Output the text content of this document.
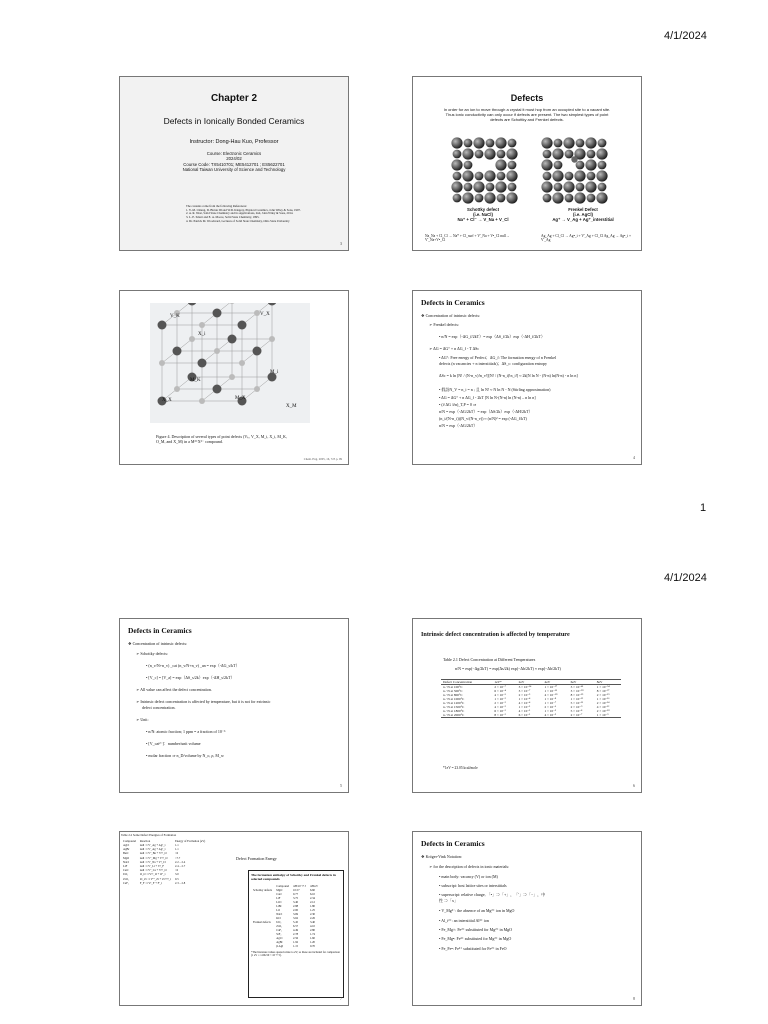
4/1/2024
Chapter 2
Defects in Ionically Bonded Ceramics
Instructor: Dong-Hau Kuo, Professor
Course: Electronic Ceramics
2024/02
Course Code: TX5410701; ME5412701 ; ES5622701
National Taiwan University of Science and Technology
The contents come from the following References:
1. Y.-M. Chiang, D. Birnie III and W.D. Kingery, Physical Ceramics, John Wiley & Sons, 1997.
2. A. R. West, Solid State Chemistry and its Applications, 2nd, John Wiley & Sons, 2014.
3. L. E. Smart and E. A. Moore, Solid State Chemistry, 1995.
4. Dr. Patrick M. Woodward, Lectures of Solid State Chemistry, Ohio State University
3
Defects
In order for an ion to move through a crystal it must hop from an occupied site to a vacant site. Thus ionic conductivity can only occur if defects are present. The two simplest types of point defects are Schottky and Frenkel defects.
Schottky defect
(i.e. NaCl)
Na⁺ + Cl⁻ → V_Na + V_Cl
Frenkel Defect
(i.e. AgCl)
Ag⁺ → V_Ag + Ag⁺_interstitial
Na_Na + Cl_Cl → Na* + Cl_surf + V'_Na + V•_Cl null→ V'_Na+V•_Cl
Ag_Ag + Cl_Cl → Ag•_i + V'_Ag + Cl_Cl Ag_Ag → Ag•_i + V'_Ag
V_K	V_X
X_i
M_i
M_K
X_X	M_X
X_M
Figure 4. Description of several types of point defects (Vₖ, V_X, M_i, X_i, M_K, O_M, and X_M) in a M²⁺X²⁻ compound.
Chem. Eng. 2005, 16, 725 p. 99
Defects in Ceramics
❖ Concentration of intrinsic defects:
➢ Frenkel defects:
• n/N = exp（-ΔG_f/2kT）= exp（ΔS_f/2k）exp（-ΔH_f/2kT）
➢ ΔG = ΔG° + n ΔG_f - T ΔSc
• ΔG°: Free energy of Perfect；ΔG_f: The formation energy of n Frenkel
defects (n vacancies + n interstitials)；ΔS_c: configuration entropy
ΔSc = k ln [N! / (N-n_v)!n_v!][N! / (N-n_i)!n_i!] ≈ 2k[N ln N - (N-n) ln(N-n) - n ln n]
• 假設N_V = n_i = n ; 且 ln N! ≈ N ln N - N (Stirling approximation)
• ΔG = ΔG° + n ΔG_f - 2kT [N ln N-(N-n) ln (N-n) – n ln n]
• (∂ ΔG /∂n)_T,P = 0 ⇒
n/N = exp（-ΔG/2kT）= exp（ΔS/2k）exp（-ΔH/2kT）
(n_i/(N-n_i))(N_v/(N-n_v)) ≈ (n/N)² = exp (-ΔG_f/kT)
n/N = exp（-ΔG/2kT）
4
1
4/1/2024
Defects in Ceramics
❖ Concentration of intrinsic defects:
➢ Schottky defects:
• (n_v/N+n_v) _cat (n_v/N+n_v) _an = exp（-ΔG_s/kT）
• [V_c] = [V_a] = exp（ΔS_s/2k）exp（-ΔH_s/2kT）
➢ All value can affect the defect concentration.
➢ Intrinsic defect concentration is affected by temperature, but it is not for extrinsic
defect concentration.
➢ Unit:
• n/N: atomic fraction; 1 ppm = a fraction of 10⁻⁶
• [V_cat²⁻]：number/unit volume
• molar fraction ⇒ n_D/volume by N_o, ρ, M_w
5
Intrinsic defect concentration is affected by temperature
Table 2.1 Defect Concentration at Different Temperatures
n/N = exp(−Δg/2kT) = exp(Δs/2k) exp(−Δh/2kT) ≈ exp(−Δh/2kT)
Defect Concentration	1eV*	2eV	4eV	6eV	8eV
n / N at 100°C	2 × 10⁻⁷	3 × 10⁻¹⁴	1 × 10⁻²⁷	3 × 10⁻⁴¹	1 × 10⁻⁵⁴
n / N at 500°C	6 × 10⁻⁴	3 × 10⁻⁷	1 × 10⁻¹³	3 × 10⁻²⁰	8 × 10⁻²⁷
n / N at 800°C	4 × 10⁻³	2 × 10⁻⁵	4 × 10⁻¹⁰	8 × 10⁻¹⁵	2 × 10⁻¹⁹
n / N at 1000°C	1 × 10⁻²	1 × 10⁻⁴	1 × 10⁻⁸	1 × 10⁻¹²	1 × 10⁻¹⁶
n / N at 1200°C	2 × 10⁻²	4 × 10⁻⁴	1 × 10⁻⁷	5 × 10⁻¹¹	2 × 10⁻¹⁴
n / N at 1500°C	4 × 10⁻²	1 × 10⁻³	2 × 10⁻⁶	2 × 10⁻⁹	4 × 10⁻¹²
n / N at 1800°C	6 × 10⁻²	4 × 10⁻³	1 × 10⁻⁵	5 × 10⁻⁸	2 × 10⁻¹⁰
n / N at 2000°C	8 × 10⁻²	6 × 10⁻³	4 × 10⁻⁵	2 × 10⁻⁷	1 × 10⁻⁹
*1eV = 23.05 kcal/mole
6
Table 2.2 Some Defect Energies of Formation
Compound	Reaction	Energy of Formation (eV)
AgCl	null ⇒ V'_Ag + Ag•_i	1.1
AgBr	null ⇒ V'_Ag + Ag•_i	1.1
BeO	null ⇒ V''_Be + V••_O	~6
MgO	null ⇒ V''_Mg + V••_O	~7.7
NaCl	null ⇒ V'_Na + V•_Cl	2.2 – 2.4
LiF	null ⇒ V'_Li + V•_F	2.4 – 2.7
CaO	null ⇒ V''_Ca + V••_O	~6
UO₂	O_O ⇒ V••_O + O''_i	3.0
ZrO₂	Zr_Zr ⇒ V''''_Zr + Zr••••_i	9.5
CaF₂	F_F ⇒ V•_F + F'_i	2.3 – 2.8
Defect Formation Energy
The formation enthalpy of Schottky and Frenkel defects in selected compounds
	Compound	ΔH/10⁻¹⁹ J	ΔH/eV
Schottky defects	MgO	10.57	6.60
	CaO	9.77	6.10
	LiF	3.75	2.34
	LiCl	3.40	2.12
	LiBr	2.88	1.80
	LiI	2.00	1.25
	NaCl	3.69	2.30
	KCl	3.62	2.26
Frenkel defects	UO₂	5.45	3.40
	ZrO₂	6.57	4.10
	CaF₂	4.49	2.80
	SrF₂	2.78	1.74
	AgCl	2.56	1.60
	AgBr	1.92	1.20
	β-AgI	1.15	0.70
*The literature values quoted relate to eV; so these are included for comparison (1 eV = 1.60219 × 10⁻¹⁹ J).
7
Defects in Ceramics
❖ Kröger-Vink Notation:
➢ for the description of defects in ionic materials:
• main body: vacancy (V) or ion (M)
• subscript: host lattice sites or interstitials
• superscript: relative charge, 「•」⇒「+」，「'」⇒「−」，中
性 ⇒「x」
• V_Mg²⁻: the absence of an Mg²⁺ ion in MgO
• Al_i³⁺: an interstitial Al³⁺ ion
• Fe_Mg×: Fe²⁺ substituted for Mg²⁺ in MgO
• Fe_Mg•: Fe³⁺ substituted for Mg²⁺ in MgO
• Fe_Fe•: Fe³⁺ substituted for Fe²⁺ in FeO
8
